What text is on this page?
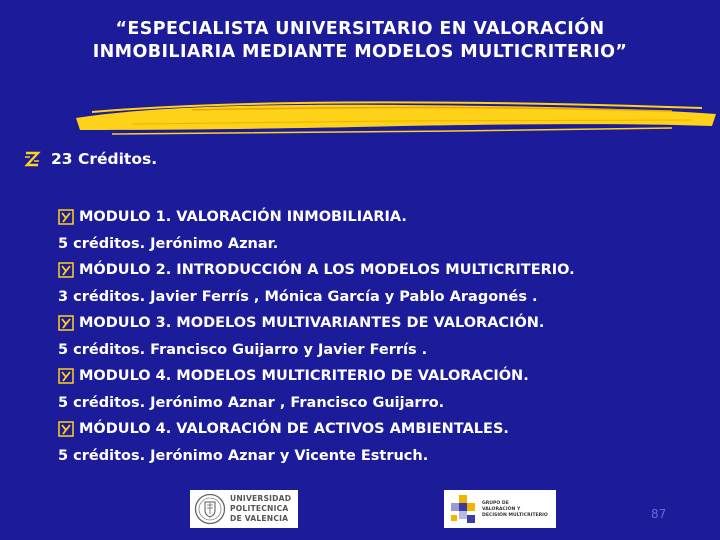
“ESPECIALISTA UNIVERSITARIO EN VALORACIÓN
INMOBILIARIA MEDIANTE MODELOS MULTICRITERIO”
23 Créditos.
MODULO 1. VALORACIÓN INMOBILIARIA.
5 créditos. Jerónimo Aznar.
MÓDULO 2. INTRODUCCIÓN A LOS MODELOS MULTICRITERIO.
3 créditos. Javier Ferrís , Mónica García y Pablo Aragonés .
MODULO 3. MODELOS MULTIVARIANTES DE VALORACIÓN.
5 créditos. Francisco Guijarro y Javier Ferrís .
MODULO 4. MODELOS MULTICRITERIO DE VALORACIÓN.
5 créditos. Jerónimo Aznar , Francisco Guijarro.
MÓDULO 4. VALORACIÓN DE ACTIVOS AMBIENTALES.
5 créditos. Jerónimo Aznar y Vicente Estruch.
UNIVERSIDAD
POLITECNICA
DE VALENCIA
GRUPO DE
VALORACIÓN Y
DECISIÓN MULTICRITERIO	87
